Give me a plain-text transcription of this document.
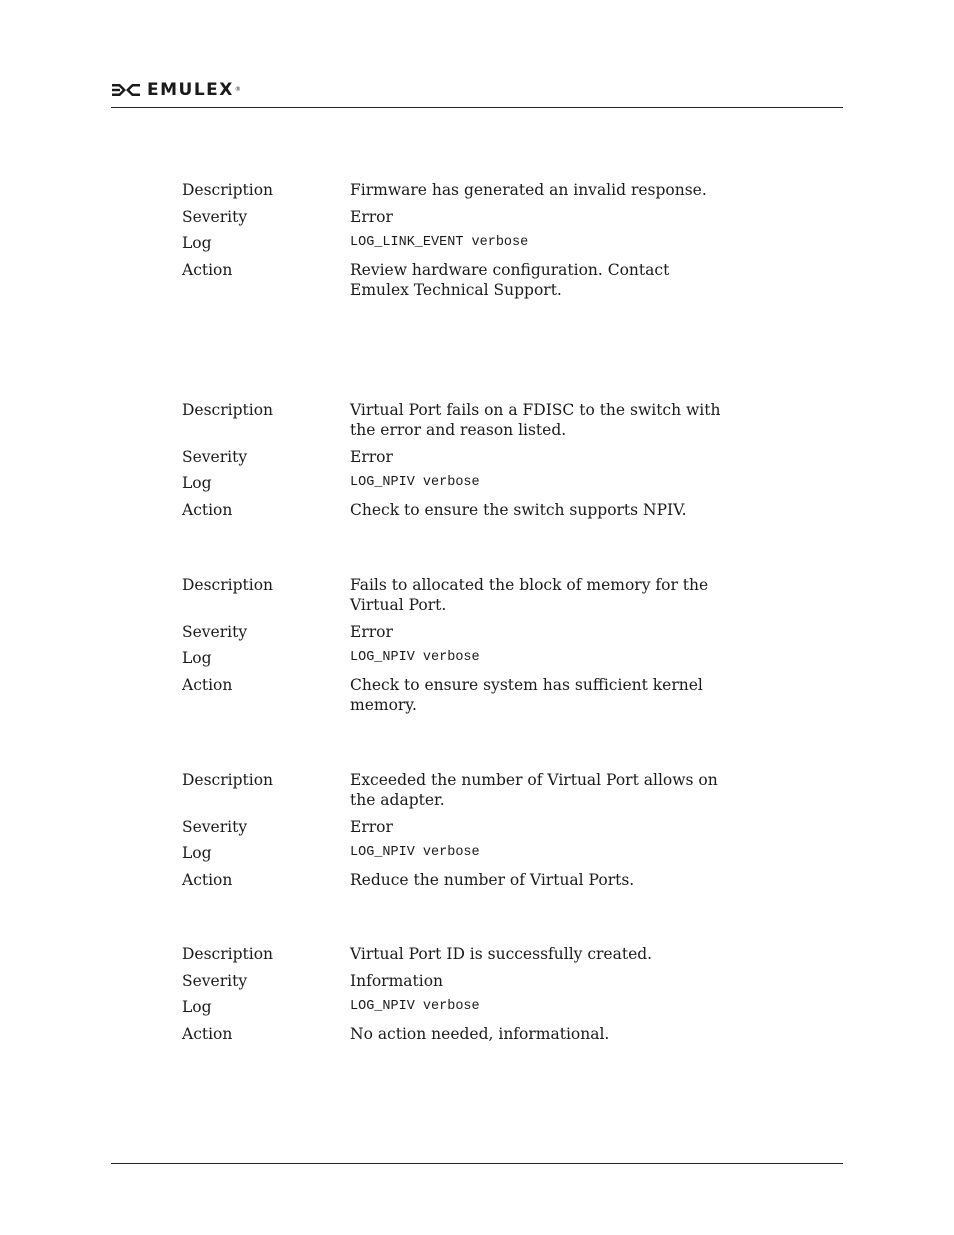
EMULEX ®
Description	Firmware has generated an invalid response.
Severity	Error
Log	LOG_LINK_EVENT verbose
Action	Review hardware configuration. Contact Emulex Technical Support.
Description	Virtual Port fails on a FDISC to the switch with the error and reason listed.
Severity	Error
Log	LOG_NPIV verbose
Action	Check to ensure the switch supports NPIV.
Description	Fails to allocated the block of memory for the Virtual Port.
Severity	Error
Log	LOG_NPIV verbose
Action	Check to ensure system has sufficient kernel memory.
Description	Exceeded the number of Virtual Port allows on the adapter.
Severity	Error
Log	LOG_NPIV verbose
Action	Reduce the number of Virtual Ports.
Description	Virtual Port ID is successfully created.
Severity	Information
Log	LOG_NPIV verbose
Action	No action needed, informational.
